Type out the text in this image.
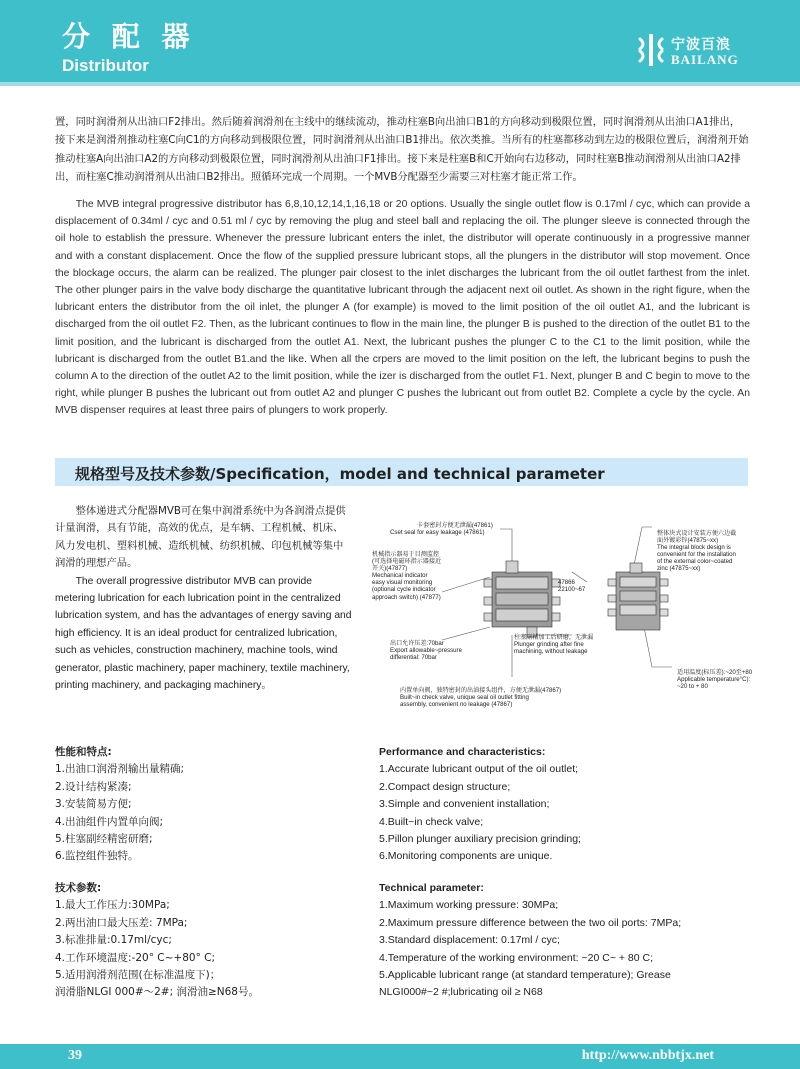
分 配 器
Distributor
宁波百浪
BAILANG
置，同时润滑剂从出油口F2排出。然后随着润滑剂在主线中的继续流动，推动柱塞B向出油口B1的方向移动到极限位置，同时润滑剂从出油口A1排出，接下来是润滑剂推动柱塞C向C1的方向移动到极限位置，同时润滑剂从出油口B1排出。依次类推。当所有的柱塞都移动到左边的极限位置后，润滑剂开始推动柱塞A向出油口A2的方向移动到极限位置，同时润滑剂从出油口F1排出。接下来是柱塞B和C开始向右边移动，同时柱塞B推动润滑剂从出油口A2排出，而柱塞C推动润滑剂从出油口B2排出。照循环完成一个周期。一个MVB分配器至少需要三对柱塞才能正常工作。
The MVB integral progressive distributor has 6,8,10,12,14,1,16,18 or 20 options. Usually the single outlet flow is 0.17ml / cyc, which can provide a displacement of 0.34ml / cyc and 0.51 ml / cyc by removing the plug and steel ball and replacing the oil. The plunger sleeve is connected through the oil hole to establish the pressure. Whenever the pressure lubricant enters the inlet, the distributor will operate continuously in a progressive manner and with a constant displacement. Once the flow of the supplied pressure lubricant stops, all the plungers in the distributor will stop movement. Once the blockage occurs, the alarm can be realized. The plunger pair closest to the inlet discharges the lubricant from the oil outlet farthest from the inlet. The other plunger pairs in the valve body discharge the quantitative lubricant through the adjacent next oil outlet. As shown in the right figure, when the lubricant enters the distributor from the oil inlet, the plunger A (for example) is moved to the limit position of the oil outlet A1, and the lubricant is discharged from the oil outlet F2. Then, as the lubricant continues to flow in the main line, the plunger B is pushed to the direction of the outlet B1 to the limit position, and the lubricant is discharged from the outlet A1. Next, the lubricant pushes the plunger C to the C1 to the limit position, while the lubricant is discharged from the outlet B1.and the like. When all the crpers are moved to the limit position on the left, the lubricant begins to push the column A to the direction of the outlet A2 to the limit position, while the izer is discharged from the outlet F1. Next, plunger B and C begin to move to the right, while plunger B pushes the lubricant out from outlet A2 and plunger C pushes the lubricant out from outlet B2. Complete a cycle by the cycle. An MVB dispenser requires at least three pairs of plungers to work properly.
规格型号及技术参数/Specification，model and technical parameter
整体递进式分配器MVB可在集中润滑系统中为各润滑点提供计量润滑，具有节能，高效的优点，是车辆、工程机械、机床、风力发电机、塑料机械、造纸机械、纺织机械、印包机械等集中润滑的理想产品。
The overall progressive distributor MVB can provide metering lubrication for each lubrication point in the centralized lubrication system, and has the advantages of energy saving and high efficiency. It is an ideal product for centralized lubrication, such as vehicles, construction machinery, machine tools, wind generator, plastic machinery, paper machinery, textile machinery, printing machinery, and packaging machinery。
卡套密封方便无泄漏(47861)
Cset seal for easy leakage (47861)
机械指示器易于目测监控
(可选择电磁环指示器接近
开关)(47877)
Mechanical indicator
easy visual monitoring
(optional cycle indicator
approach switch) (47877)
47866
22100~67
出口允许压差:70bar
Export allowable~pressure
differential: 70bar
柱塞副精加工后研磨，无泄漏
Plunger grinding after fine
machining, without leakage
内置单向阀，独特密封的出油接头组件，方便无泄漏(47867)
Built~in check valve, unique seal oil outlet fitting
assembly, convenient no leakage (47867)
整体块式设计安装方便六边截
面外镀彩锌(47875~xx)
The integral block design is
convenient for the installation
of the external color~coated
zinc (47875~xx)
适用温度(标压差):~20至+80
Applicable temperature°C):
~20 to + 80
性能和特点:
1.出油口润滑剂输出量精确;
2.设计结构紧凑;
3.安装简易方便;
4.出油组件内置单向阀;
5.柱塞副经精密研磨;
6.监控组件独特。
Performance and characteristics:
1.Accurate lubricant output of the oil outlet;
2.Compact design structure;
3.Simple and convenient installation;
4.Built~in check valve;
5.Pillon plunger auxiliary precision grinding;
6.Monitoring components are unique.
技术参数:
1.最大工作压力:30MPa;
2.两出油口最大压差: 7MPa;
3.标准排量:0.17ml/cyc;
4.工作环境温度:-20° C~+80° C;
5.适用润滑剂范围(在标准温度下)；
润滑脂NLGI 000#～2#; 润滑油≥N68号。
Technical parameter:
1.Maximum working pressure: 30MPa;
2.Maximum pressure difference between the two oil ports: 7MPa;
3.Standard displacement: 0.17ml / cyc;
4.Temperature of the working environment: ~20 C~ + 80 C;
5.Applicable lubricant range (at standard temperature); Grease
NLGI000#~2 #;lubricating oil ≥ N68
39	http://www.nbbtjx.net
